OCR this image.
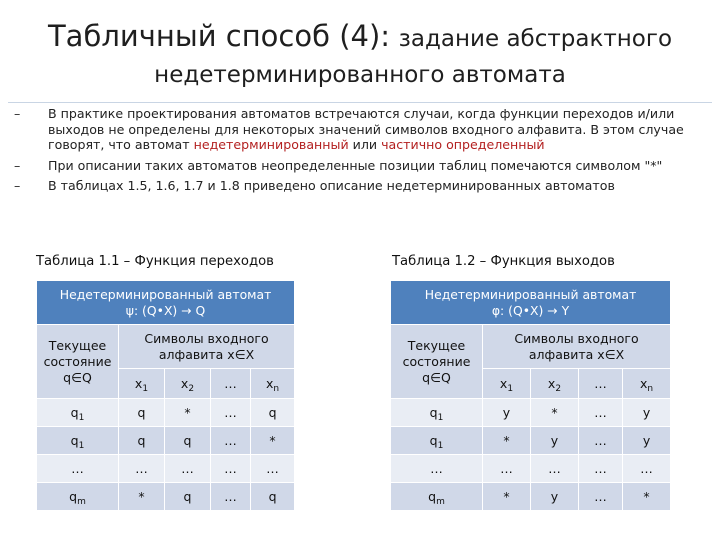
Табличный способ (4): задание абстрактного
недетерминированного автомата
–	В практике проектирования автоматов встречаются случаи, когда функции переходов и/или выходов не определены для некоторых значений символов входного алфавита. В этом случае говорят, что автомат недетерминированный или частично определенный
–	При описании таких автоматов неопределенные позиции таблиц помечаются символом "*"
–	В таблицах 1.5, 1.6, 1.7 и 1.8 приведено описание недетерминированных автоматов
Таблица 1.1 – Функция переходов	Таблица 1.2 – Функция выходов
Недетерминированный автомат
ψ: (Q•X) → Q				

Текущее состояние q∈Q	Символы входного алфавита x∈X			
	$x_1$	$x_2$	…	$x_n$
$q_1$	q	*	…	q
$q_1$	q	q	…	*
…	…	…	…	…
$q_m$	*	q	…	q
Недетерминированный автомат
φ: (Q•X) → Y				

Текущее состояние q∈Q	Символы входного алфавита x∈X			
	$x_1$	$x_2$	…	$x_n$
$q_1$	y	*	…	y
$q_1$	*	y	…	y
…	…	…	…	…
$q_m$	*	y	…	*
